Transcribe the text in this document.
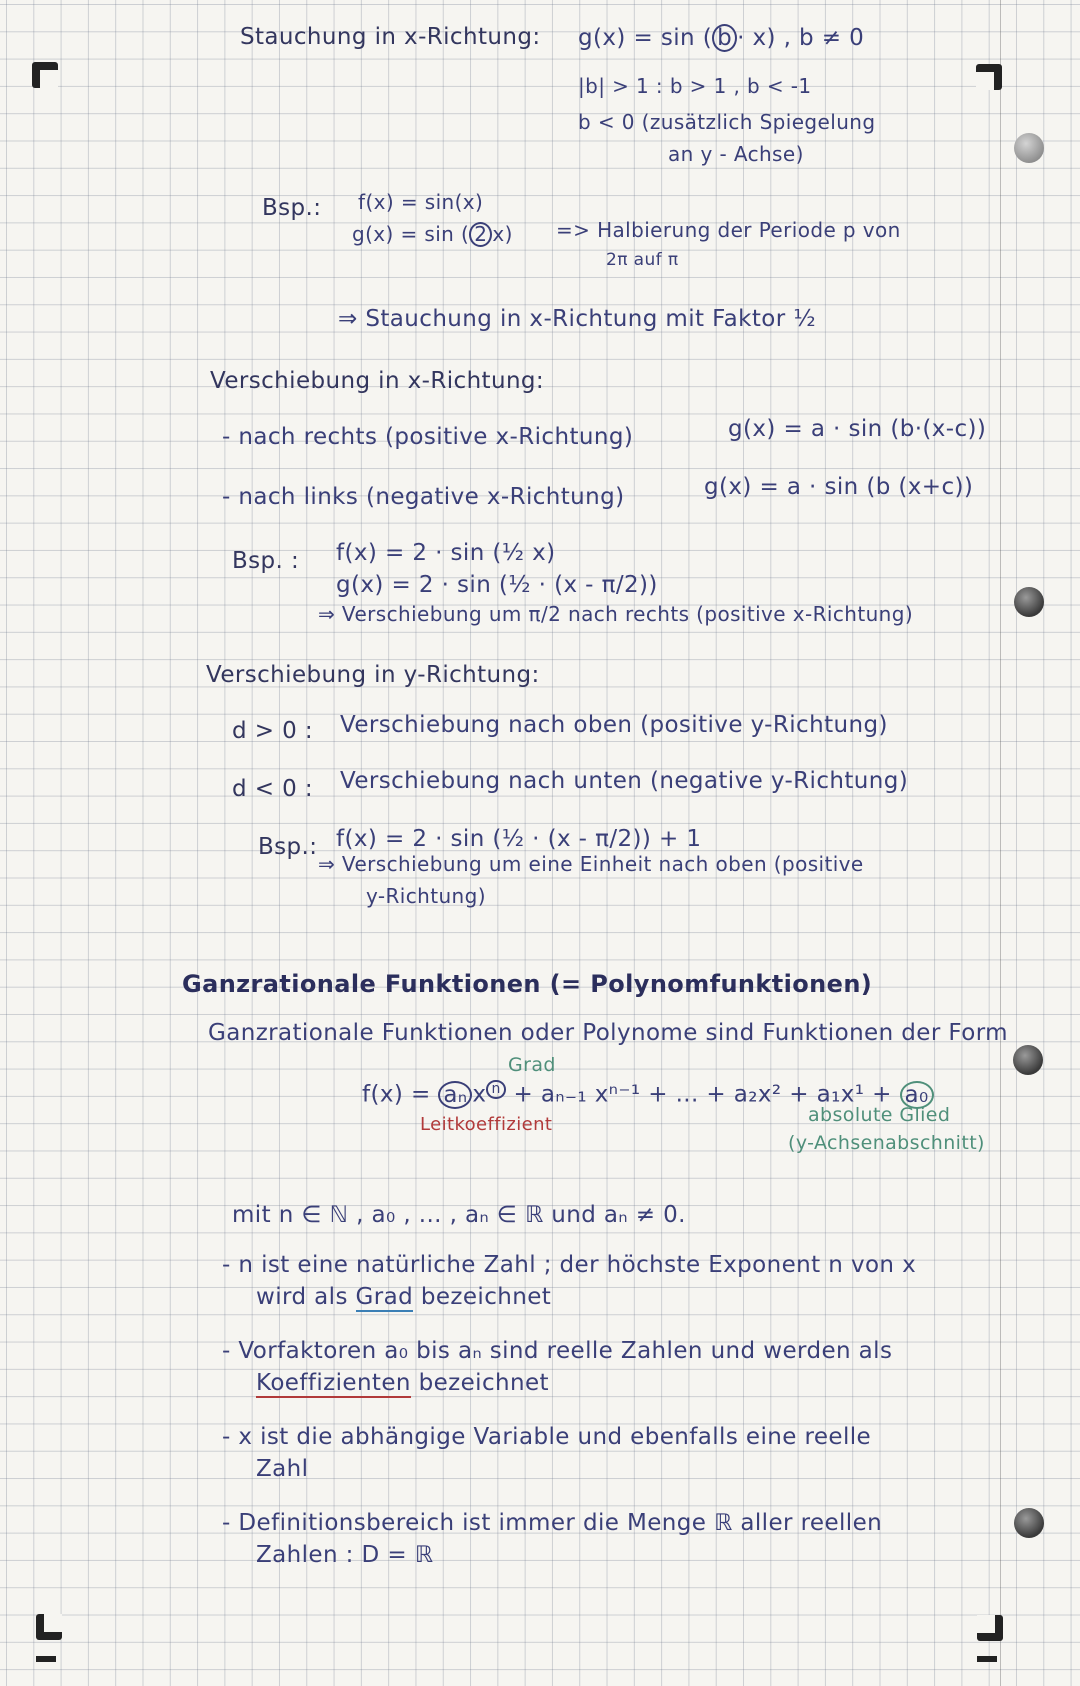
Stauchung in x-Richtung: g(x) = sin ( b · x) , b ≠ 0
|b| > 1 : b > 1 , b < -1
b < 0 (zusätzlich Spiegelung
an y - Achse)
Bsp.: f(x) = sin(x)
g(x) = sin ( 2 x) => Halbierung der Periode p von
2π auf π
⇒ Stauchung in x-Richtung mit Faktor ½
Verschiebung in x-Richtung:
- nach rechts (positive x-Richtung)	g(x) = a · sin (b·(x-c))
- nach links (negative x-Richtung)	g(x) = a · sin (b (x+c))
Bsp. : f(x) = 2 · sin (½ x)
g(x) = 2 · sin (½ · (x - π/2))
⇒ Verschiebung um π/2 nach rechts (positive x-Richtung)
Verschiebung in y-Richtung:
d > 0 : Verschiebung nach oben (positive y-Richtung)
d < 0 : Verschiebung nach unten (negative y-Richtung)
Bsp.: f(x) = 2 · sin (½ · (x - π/2)) + 1
⇒ Verschiebung um eine Einheit nach oben (positive
y-Richtung)
Ganzrationale Funktionen (= Polynomfunktionen)
Ganzrationale Funktionen oder Polynome sind Funktionen der Form
Grad
f(x) = aₙ x $^n$ + aₙ₋₁ xⁿ⁻¹ + ... + a₂x² + a₁x¹ + a₀
Leitkoeffizient	absolute Glied
(y-Achsenabschnitt)
mit n ∈ ℕ , a₀ , ... , aₙ ∈ ℝ und aₙ ≠ 0.
- n ist eine natürliche Zahl ; der höchste Exponent n von x
wird als Grad bezeichnet
- Vorfaktoren a₀ bis aₙ sind reelle Zahlen und werden als
Koeffizienten bezeichnet
- x ist die abhängige Variable und ebenfalls eine reelle
Zahl
- Definitionsbereich ist immer die Menge ℝ aller reellen
Zahlen : D = ℝ
